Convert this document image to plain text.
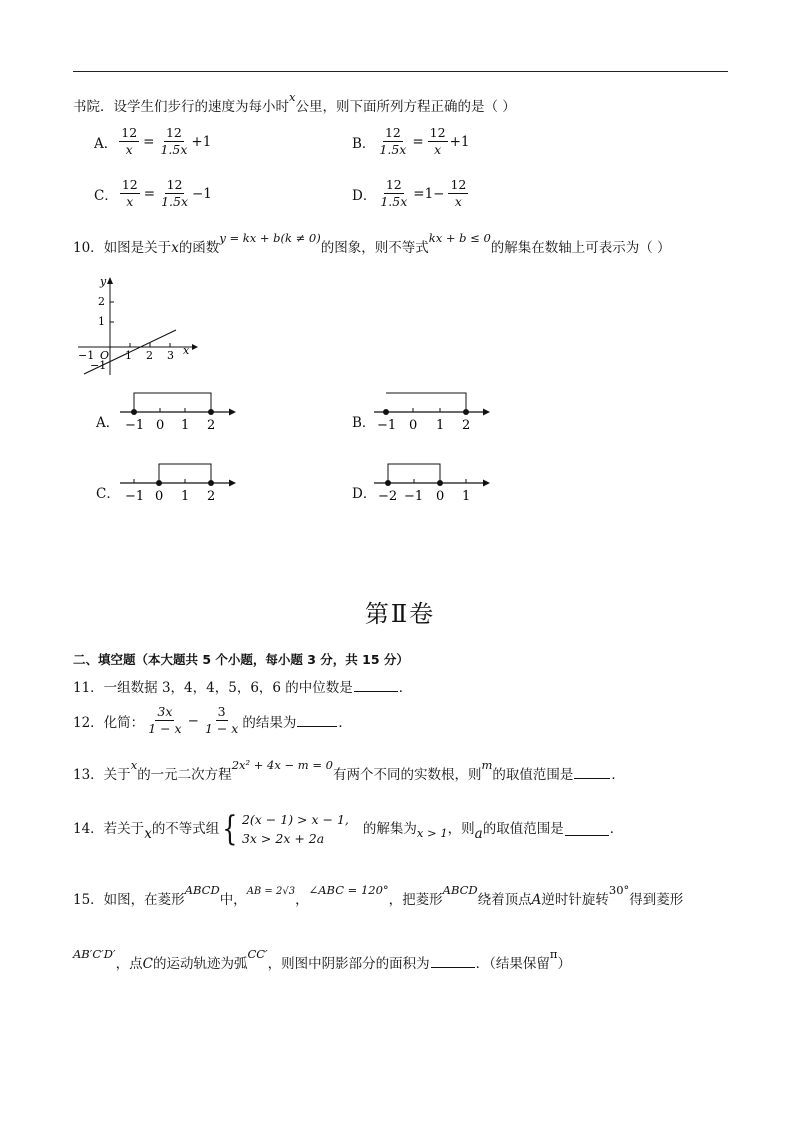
书院．设学生们步行的速度为每小时x公里，则下面所列方程正确的是（ ）
A． $\frac{12}{x} = \frac{12}{1.5x} +1$	B． $\frac{12}{1.5x} = \frac{12}{x} +1$
C． $\frac{12}{x} = \frac{12}{1.5x} -1$	D． $\frac{12}{1.5x} =1- \frac{12}{x}$
10．如图是关于x的函数y = kx + b(k ≠ 0)的图象，则不等式kx + b ≤ 0的解集在数轴上可表示为（ ）
y
x
2
1
−1
−1 O 1 2 3
A． −1 0 1 2	B． −1 0 1 2
C． −1 0 1 2	D． −2 −1 0 1
第Ⅱ卷
二、填空题（本大题共 5 个小题，每小题 3 分，共 15 分）
11．一组数据 3，4，4，5，6，6 的中位数是	．
12．化简： $\frac{3x}{1 - x} - \frac{3}{1 - x}$ 的结果为	．
13．关于x的一元二次方程2x² + 4x − m = 0有两个不同的实数根，则m的取值范围是	．
14．若关于 x 的不等式组 { 2(x − 1) > x − 1,
3x > 2x + 2a
的解集为 x > 1 ，则 a 的取值范围是	．
15．如图，在菱形ABCD中，$^{AB = 2√3}$，∠ABC = 120°，把菱形ABCD绕着顶点A逆时针旋转30°得到菱形
AB′C′D′，点C的运动轨迹为弧CC′，则图中阴影部分的面积为	．（结果保留π）
